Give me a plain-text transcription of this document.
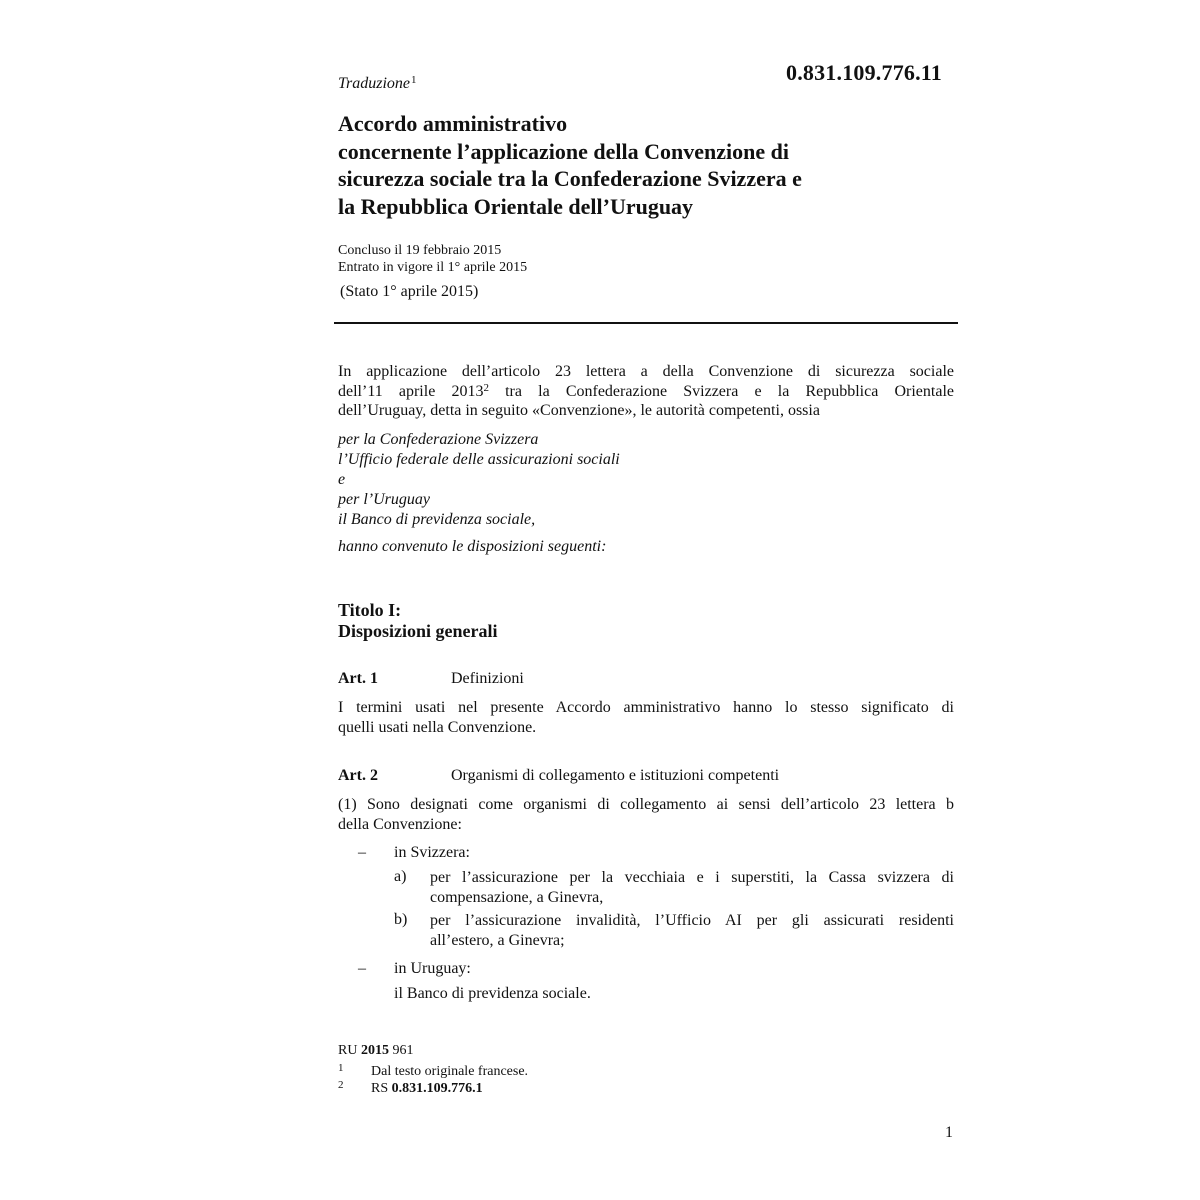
Traduzione$^1$	0.831.109.776.11
Accordo amministrativo
concernente l’applicazione della Convenzione di
sicurezza sociale tra la Confederazione Svizzera e
la Repubblica Orientale dell’Uruguay
Concluso il 19 febbraio 2015
Entrato in vigore il 1° aprile 2015
(Stato 1° aprile 2015)
In applicazione dell’articolo 23 lettera a della Convenzione di sicurezza sociale
dell’11 aprile 2013$^2$ tra la Confederazione Svizzera e la Repubblica Orientale
dell’Uruguay, detta in seguito «Convenzione», le autorità competenti, ossia
per la Confederazione Svizzera
l’Ufficio federale delle assicurazioni sociali
e
per l’Uruguay
il Banco di previdenza sociale,
hanno convenuto le disposizioni seguenti:
Titolo I:
Disposizioni generali
Art. 1	Definizioni
I termini usati nel presente Accordo amministrativo hanno lo stesso significato di
quelli usati nella Convenzione.
Art. 2	Organismi di collegamento e istituzioni competenti
(1) Sono designati come organismi di collegamento ai sensi dell’articolo 23 lettera b
della Convenzione:
– in Svizzera:
a) per l’assicurazione per la vecchiaia e i superstiti, la Cassa svizzera di
compensazione, a Ginevra,
b) per l’assicurazione invalidità, l’Ufficio AI per gli assicurati residenti
all’estero, a Ginevra;
– in Uruguay:
il Banco di previdenza sociale.
RU 2015 961
1 Dal testo originale francese.
2 RS 0.831.109.776.1
1
